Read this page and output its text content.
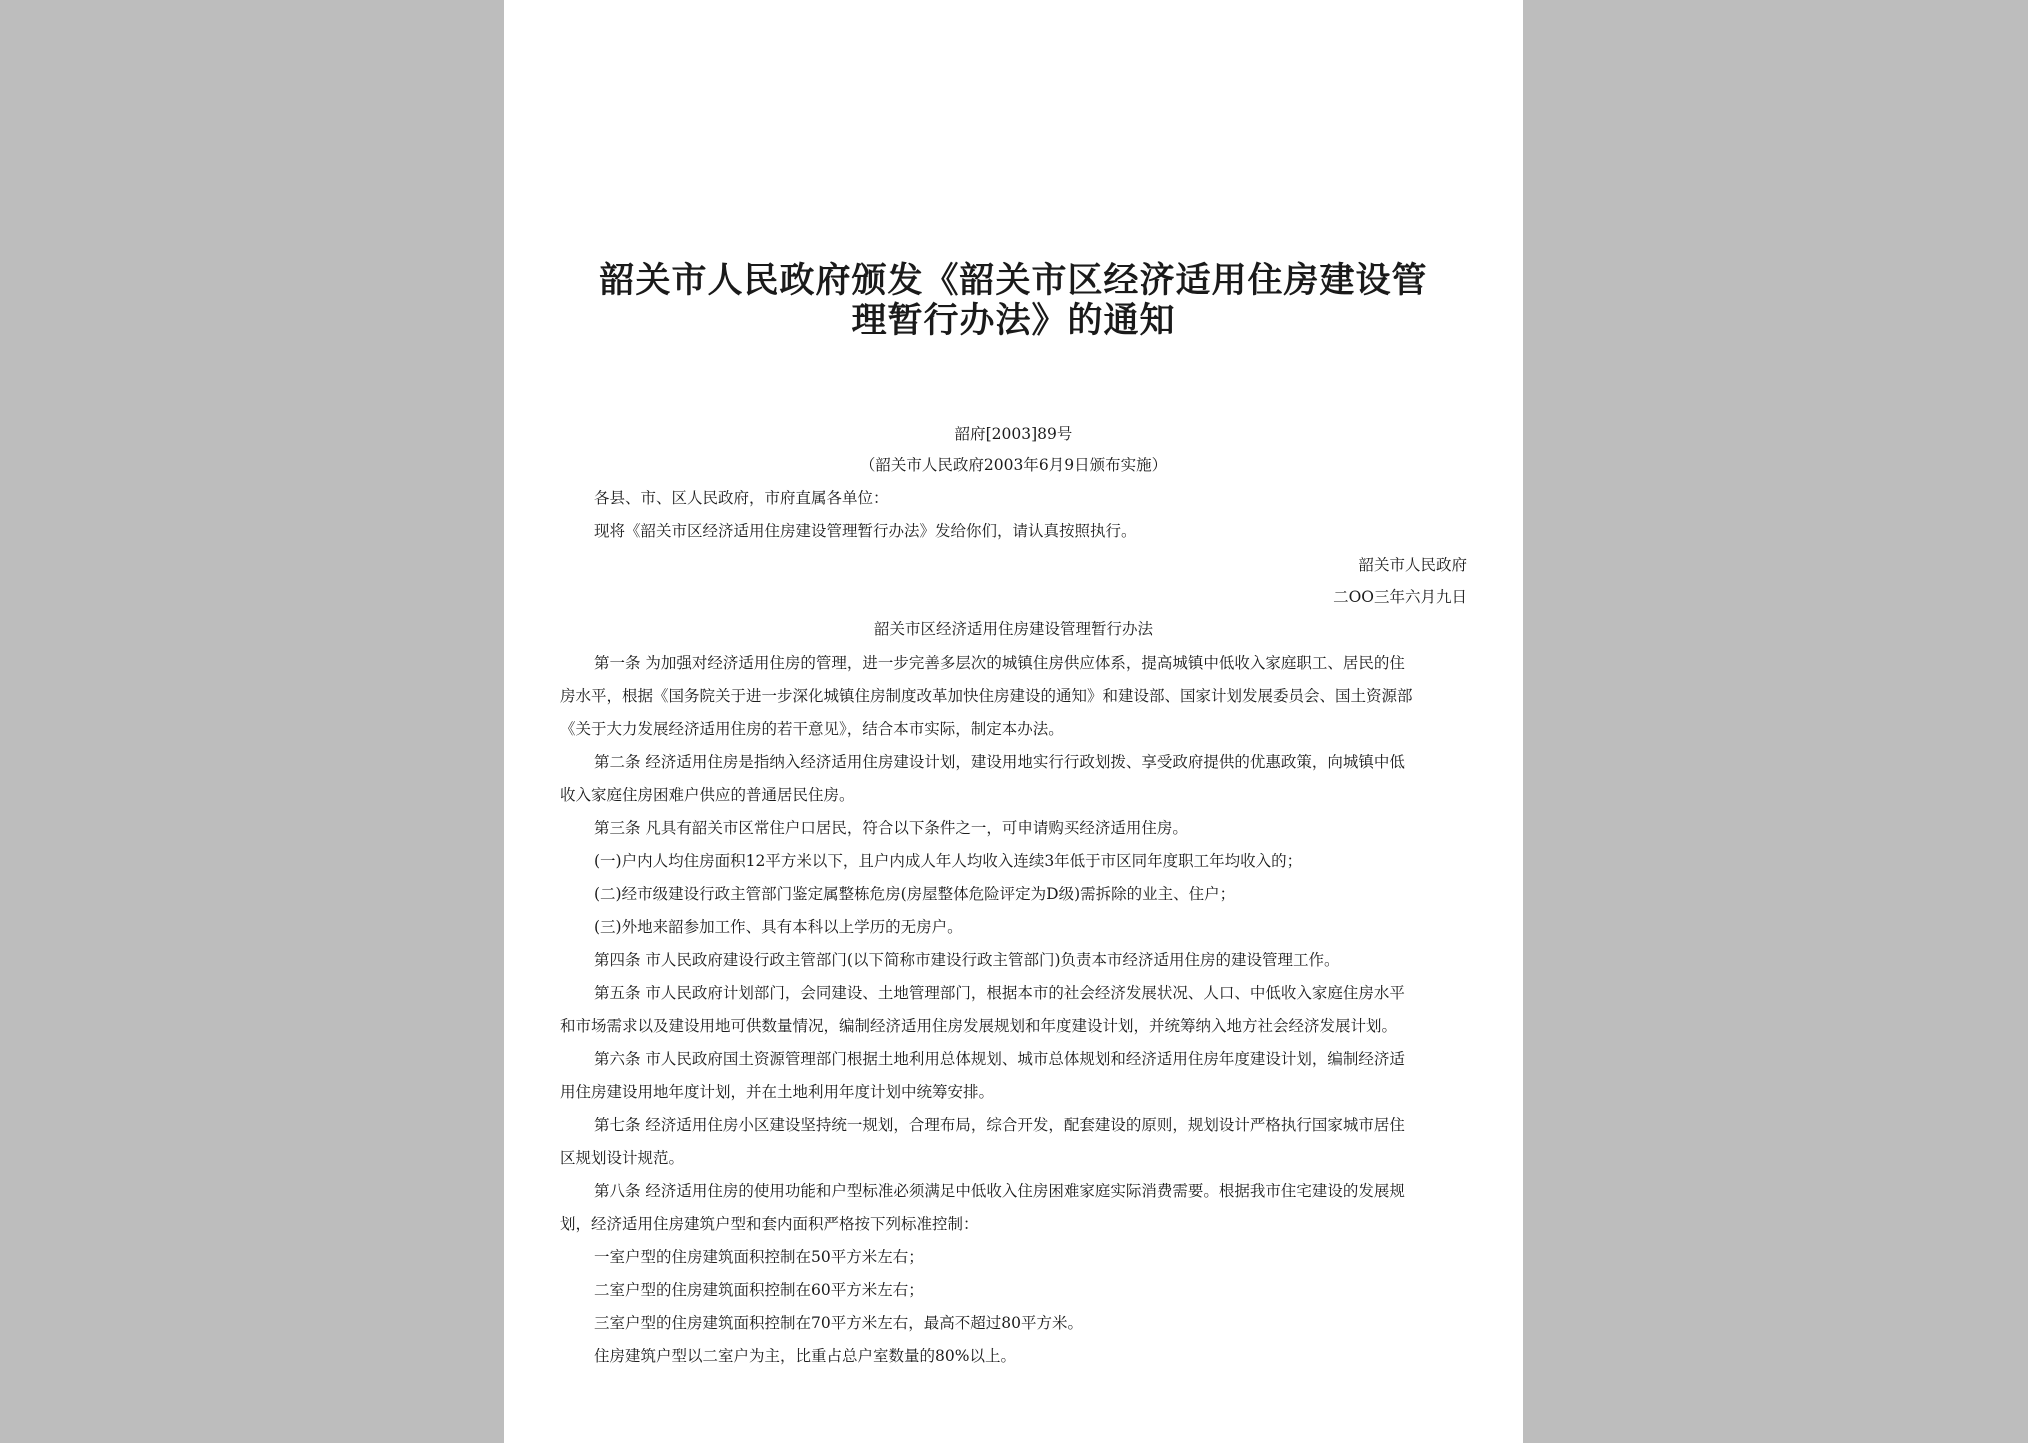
韶关市人民政府颁发《韶关市区经济适用住房建设管
理暂行办法》的通知
韶府[2003]89号
（韶关市人民政府2003年6月9日颁布实施）
各县、市、区人民政府，市府直属各单位：
现将《韶关市区经济适用住房建设管理暂行办法》发给你们，请认真按照执行。
韶关市人民政府
二OO三年六月九日
韶关市区经济适用住房建设管理暂行办法
第一条 为加强对经济适用住房的管理，进一步完善多层次的城镇住房供应体系，提高城镇中低收入家庭职工、居民的住
房水平，根据《国务院关于进一步深化城镇住房制度改革加快住房建设的通知》和建设部、国家计划发展委员会、国土资源部
《关于大力发展经济适用住房的若干意见》，结合本市实际，制定本办法。
第二条 经济适用住房是指纳入经济适用住房建设计划，建设用地实行行政划拨、享受政府提供的优惠政策，向城镇中低
收入家庭住房困难户供应的普通居民住房。
第三条 凡具有韶关市区常住户口居民，符合以下条件之一，可申请购买经济适用住房。
(一)户内人均住房面积12平方米以下，且户内成人年人均收入连续3年低于市区同年度职工年均收入的；
(二)经市级建设行政主管部门鉴定属整栋危房(房屋整体危险评定为D级)需拆除的业主、住户；
(三)外地来韶参加工作、具有本科以上学历的无房户。
第四条 市人民政府建设行政主管部门(以下简称市建设行政主管部门)负责本市经济适用住房的建设管理工作。
第五条 市人民政府计划部门，会同建设、土地管理部门，根据本市的社会经济发展状况、人口、中低收入家庭住房水平
和市场需求以及建设用地可供数量情况，编制经济适用住房发展规划和年度建设计划，并统筹纳入地方社会经济发展计划。
第六条 市人民政府国土资源管理部门根据土地利用总体规划、城市总体规划和经济适用住房年度建设计划，编制经济适
用住房建设用地年度计划，并在土地利用年度计划中统筹安排。
第七条 经济适用住房小区建设坚持统一规划，合理布局，综合开发，配套建设的原则，规划设计严格执行国家城市居住
区规划设计规范。
第八条 经济适用住房的使用功能和户型标准必须满足中低收入住房困难家庭实际消费需要。根据我市住宅建设的发展规
划，经济适用住房建筑户型和套内面积严格按下列标准控制：
一室户型的住房建筑面积控制在50平方米左右；
二室户型的住房建筑面积控制在60平方米左右；
三室户型的住房建筑面积控制在70平方米左右，最高不超过80平方米。
住房建筑户型以二室户为主，比重占总户室数量的80%以上。
